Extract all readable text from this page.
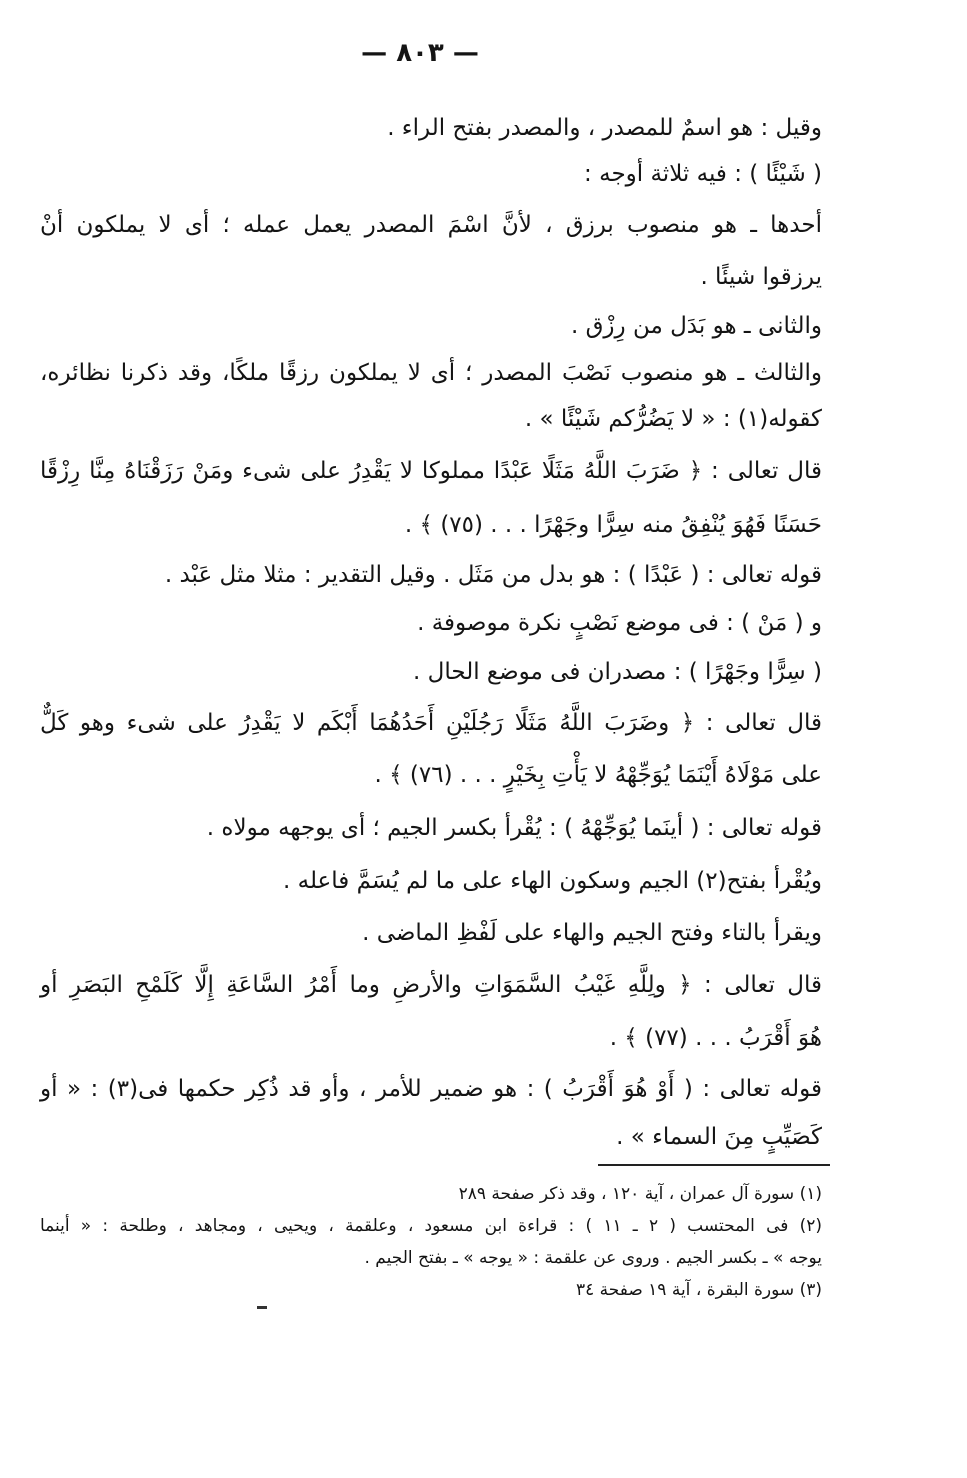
— ٨٠٣ —
وقيل : هو اسمٌ للمصدر ، والمصدر بفتح الراء .
( شَيْئًا ) : فيه ثلاثة أوجه :
أحدها ـ هو منصوب برزق ، لأنَّ اسْمَ المصدر يعمل عمله ؛ أى لا يملكون أنْ
يرزقوا شيئًا .
والثانى ـ هو بَدَل من رِزْق .
والثالث ـ هو منصوب نَصْبَ المصدر ؛ أى لا يملكون رزقًا ملكًا، وقد ذكرنا نظائره،
كقوله(١) : « لا يَضُرُّكم شَيْئًا » .
قال تعالى : ﴿ ضَرَبَ اللَّهُ مَثَلًا عَبْدًا مملوكا لا يَقْدِرُ على شىء ومَنْ رَزَقْنَاهُ مِنَّا رِزْقًا
حَسَنًا فَهُوَ يُنْفِقُ منه سِرًّا وجَهْرًا . . . (٧٥) ﴾ .
قوله تعالى : ( عَبْدًا ) : هو بدل من مَثَل . وقيل التقدير : مثلا مثل عَبْد .
و ( مَنْ ) : فى موضع نَصْبٍ نكرة موصوفة .
( سِرًّا وجَهْرًا ) : مصدران فى موضع الحال .
قال تعالى : ﴿ وضَرَبَ اللَّهُ مَثَلًا رَجُلَيْنِ أَحَدُهُمَا أَبْكَم لا يَقْدِرُ على شىء وهو كَلٌّ
على مَوْلَاهُ أَيْنَمَا يُوَجِّهْهُ لا يَأْتِ بِخَيْرٍ . . . (٧٦) ﴾ .
قوله تعالى : ( أينَما يُوَجِّهْهُ ) : يُقْرأ بكسر الجيم ؛ أى يوجهه مولاه .
ويُقْرأ بفتح(٢) الجيم وسكون الهاء على ما لم يُسَمَّ فاعله .
ويقرأ بالتاء وفتح الجيم والهاء على لَفْظِ الماضى .
قال تعالى : ﴿ ولِلَّهِ غَيْبُ السَّمَوَاتِ والأرضِ وما أَمْرُ السَّاعَةِ إِلَّا كَلَمْحِ البَصَرِ أو
هُوَ أَقْرَبُ . . . (٧٧) ﴾ .
قوله تعالى : ( أَوْ هُوَ أَقْرَبُ ) : هو ضمير للأمر ، وأو قد ذُكِر حكمها فى(٣) : « أو
كَصَيِّبٍ مِنَ السماء » .
(١) سورة آل عمران ، آية ١٢٠ ، وقد ذكر صفحة ٢٨٩
(٢) فى المحتسب ( ٢ ـ ١١ ) : قراءة ابن مسعود ، وعلقمة ، ويحيى ، ومجاهد ، وطلحة : « أينما
يوجه » ـ بكسر الجيم . وروى عن علقمة : « يوجه » ـ بفتح الجيم .
(٣) سورة البقرة ، آية ١٩ صفحة ٣٤
